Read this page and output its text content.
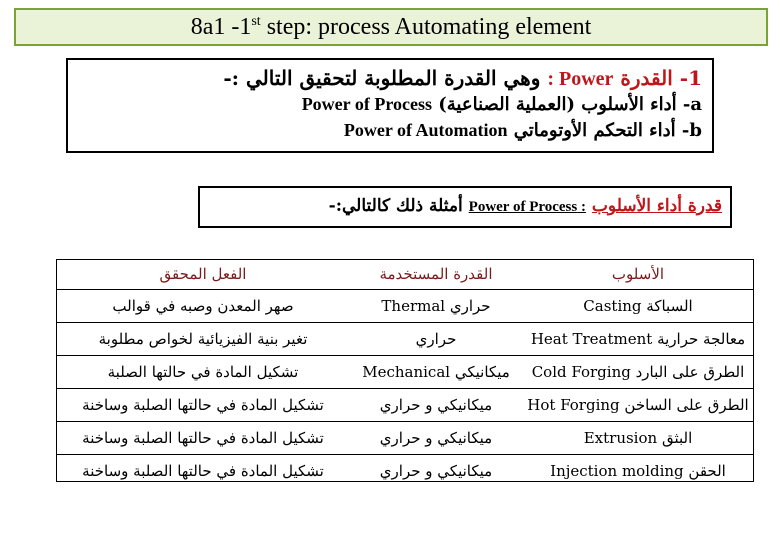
8a1 -1st step: process Automating element
1- القدرة Power : وهي القدرة المطلوبة لتحقيق التالي :-
a- أداء الأسلوب (العملية الصناعية) Power of Process
b- أداء التحكم الأوتوماتي Power of Automation
قدرة أداء الأسلوب : Power of Process أمثلة ذلك كالتالي:-
الأسلوب	القدرة المستخدمة	الفعل المحقق
السباكة Casting	حراري Thermal	صهر المعدن وصبه في قوالب
معالجة حرارية Heat Treatment	حراري	تغير بنية الفيزيائية لخواص مطلوبة
الطرق على البارد Cold Forging	ميكانيكي Mechanical	تشكيل المادة في حالتها الصلبة
الطرق على الساخن Hot Forging	ميكانيكي و حراري	تشكيل المادة في حالتها الصلبة وساخنة
البثق Extrusion	ميكانيكي و حراري	تشكيل المادة في حالتها الصلبة وساخنة
الحقن Injection molding	ميكانيكي و حراري	تشكيل المادة في حالتها الصلبة وساخنة
